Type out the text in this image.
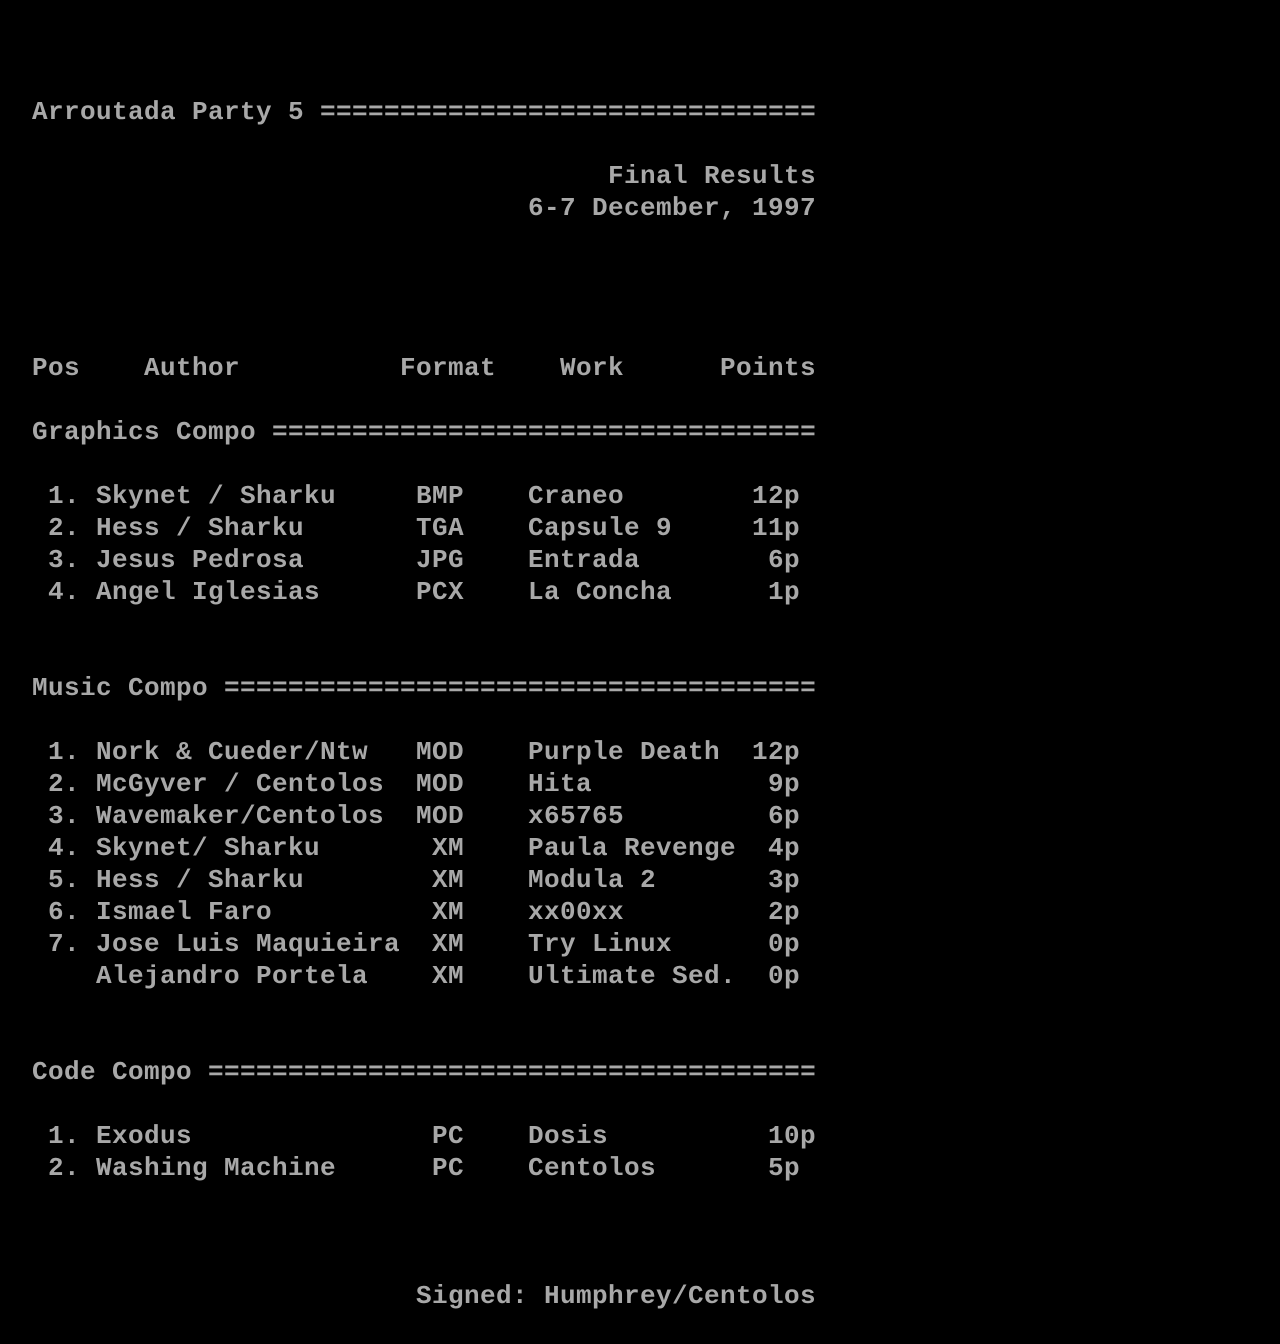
Arroutada Party 5 ===============================
Final Results
6-7 December, 1997
Pos Author	Format Work	Points
Graphics Compo ==================================
1. Skynet / Sharku	BMP Craneo	12p
2. Hess / Sharku	TGA Capsule 9	11p
3. Jesus Pedrosa	JPG Entrada	6p
4. Angel Iglesias	PCX La Concha	1p
Music Compo =====================================
1. Nork & Cueder/Ntw MOD Purple Death 12p
2. McGyver / Centolos MOD Hita	9p
3. Wavemaker/Centolos MOD x65765	6p
4. Skynet/ Sharku	XM Paula Revenge 4p
5. Hess / Sharku	XM Modula 2	3p
6. Ismael Faro	XM xx00xx	2p
7. Jose Luis Maquieira XM Try Linux	0p
Alejandro Portela XM Ultimate Sed. 0p
Code Compo ======================================
1. Exodus	PC Dosis	10p
2. Washing Machine	PC Centolos	5p
Signed: Humphrey/Centolos
